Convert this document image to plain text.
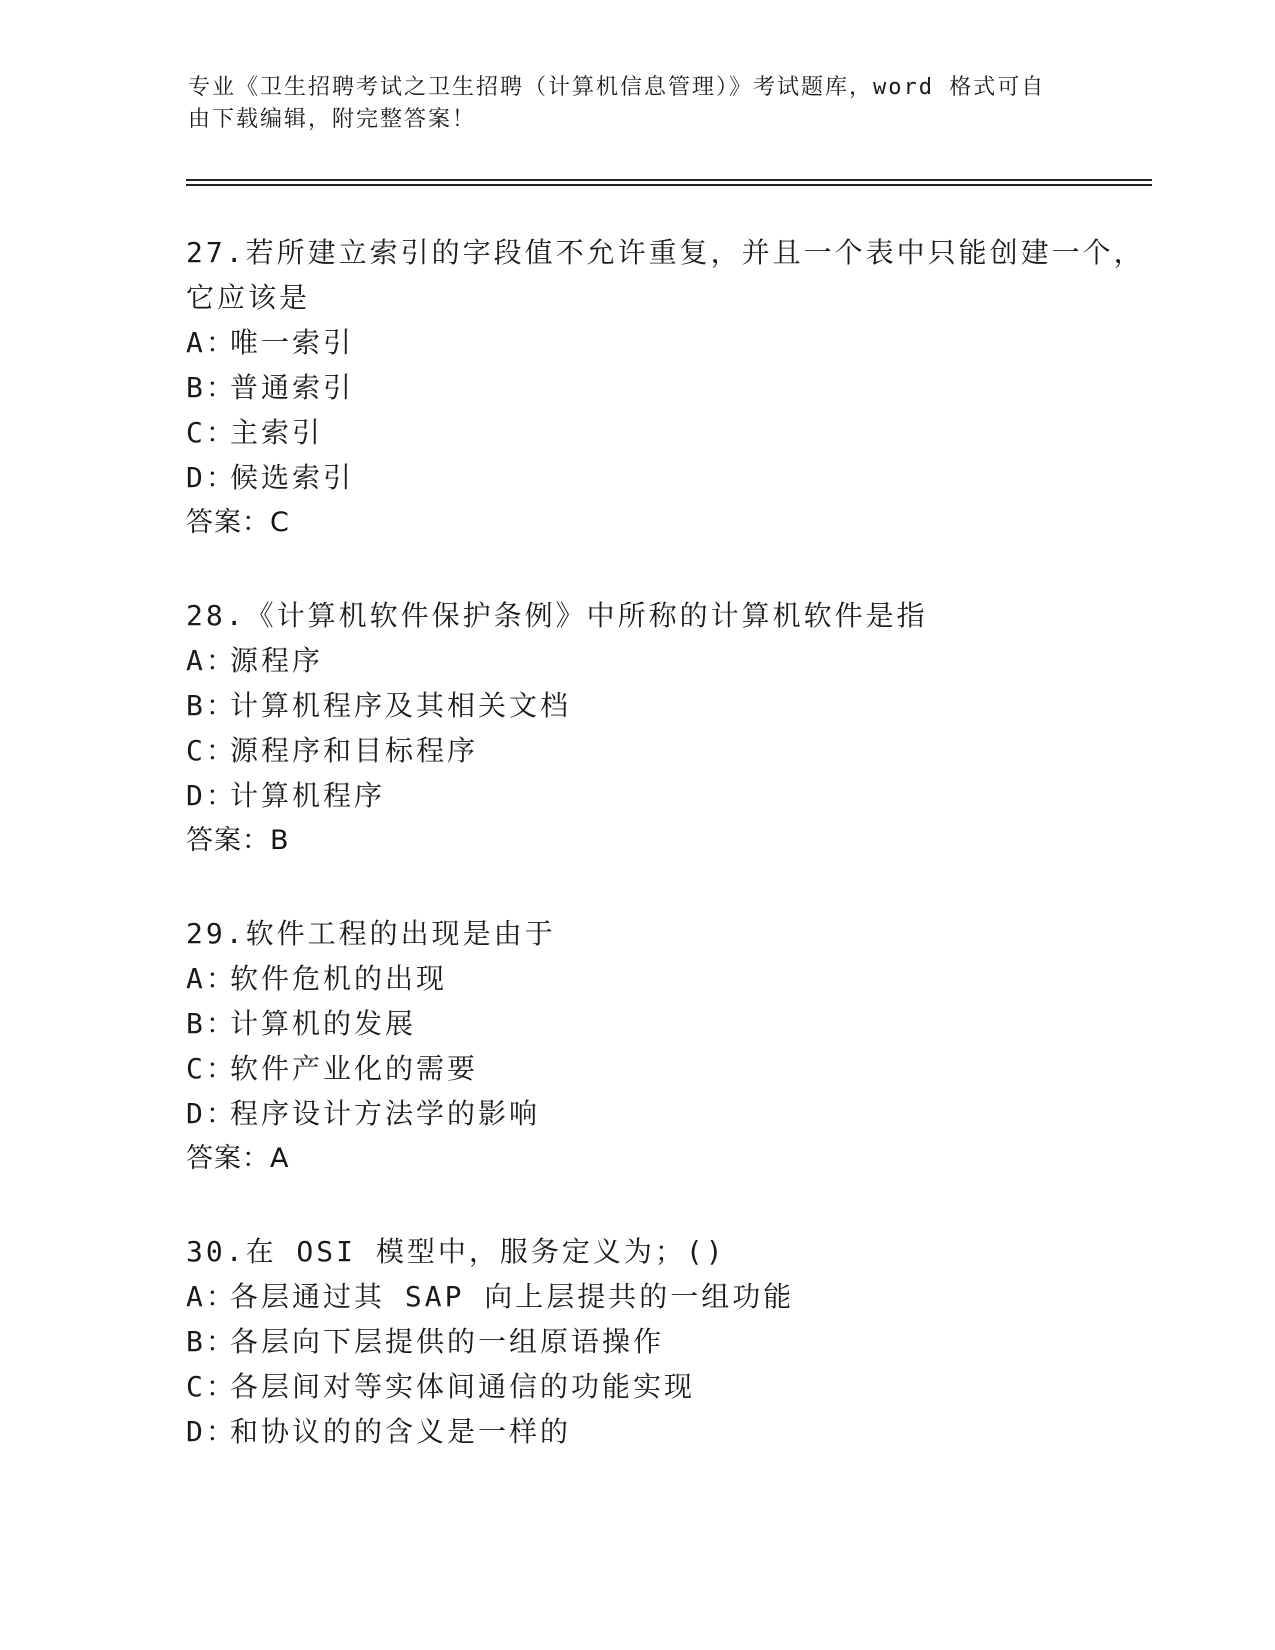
专业《卫生招聘考试之卫生招聘（计算机信息管理）》考试题库，word 格式可自
由下载编辑，附完整答案！
27.若所建立索引的字段值不允许重复，并且一个表中只能创建一个，
它应该是
A：唯一索引
B：普通索引
C：主索引
D：候选索引
答案：C
28.《计算机软件保护条例》中所称的计算机软件是指
A：源程序
B：计算机程序及其相关文档
C：源程序和目标程序
D：计算机程序
答案：B
29.软件工程的出现是由于
A：软件危机的出现
B：计算机的发展
C：软件产业化的需要
D：程序设计方法学的影响
答案：A
30.在 OSI 模型中，服务定义为；()
A：各层通过其 SAP 向上层提共的一组功能
B：各层向下层提供的一组原语操作
C：各层间对等实体间通信的功能实现
D：和协议的的含义是一样的
